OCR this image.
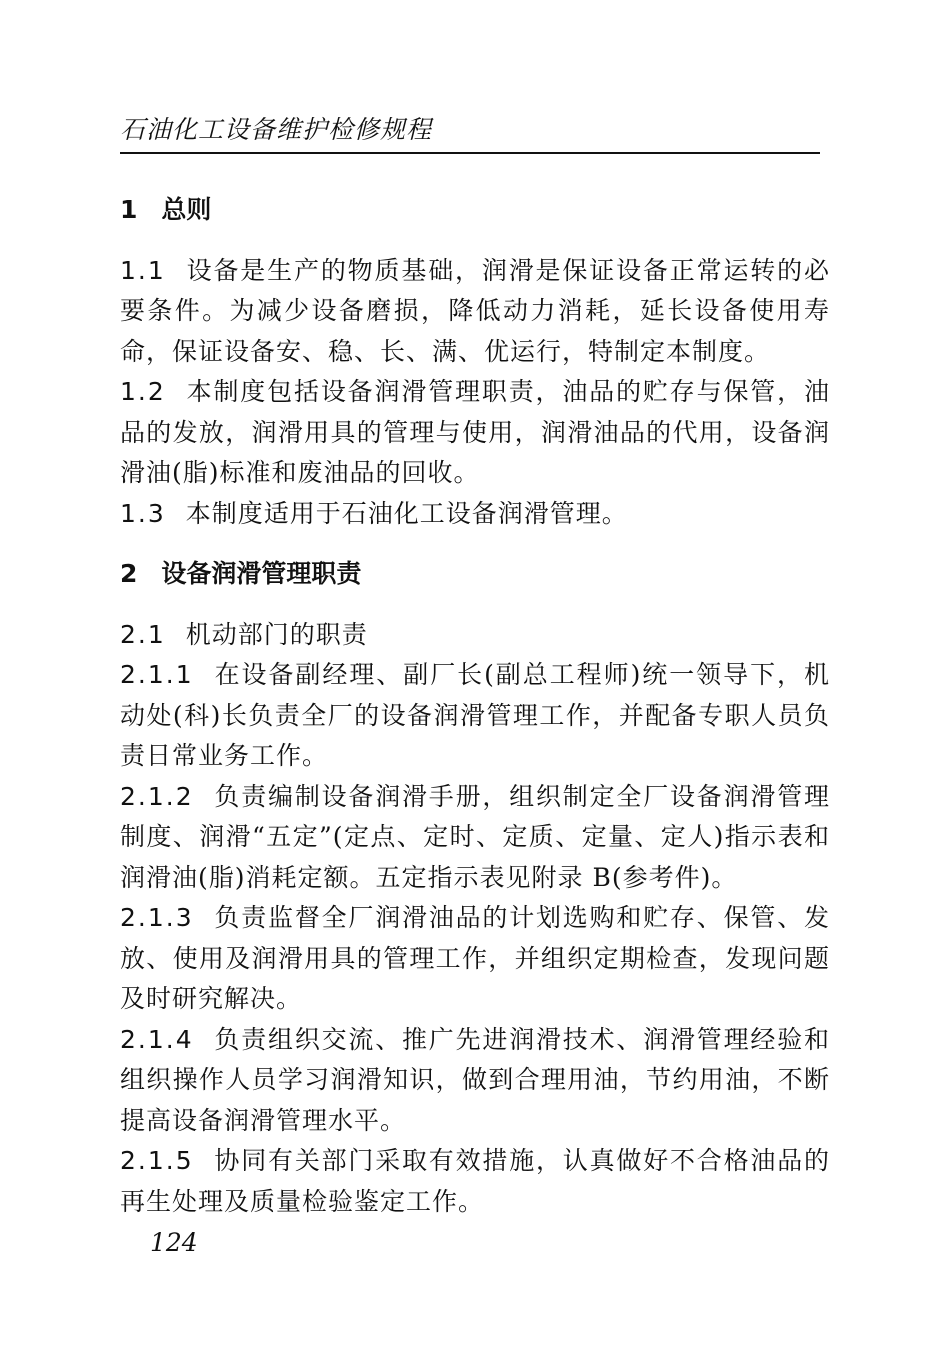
石油化工设备维护检修规程
1 总则

1.1 设备是生产的物质基础，润滑是保证设备正常运转的必要条件。为减少设备磨损，降低动力消耗，延长设备使用寿命，保证设备安、稳、长、满、优运行，特制定本制度。

1.2 本制度包括设备润滑管理职责，油品的贮存与保管，油品的发放，润滑用具的管理与使用，润滑油品的代用，设备润滑油(脂)标准和废油品的回收。

1.3 本制度适用于石油化工设备润滑管理。

2 设备润滑管理职责

2.1 机动部门的职责

2.1.1 在设备副经理、副厂长(副总工程师)统一领导下，机动处(科)长负责全厂的设备润滑管理工作，并配备专职人员负责日常业务工作。

2.1.2 负责编制设备润滑手册，组织制定全厂设备润滑管理制度、润滑“五定”(定点、定时、定质、定量、定人)指示表和润滑油(脂)消耗定额。五定指示表见附录 B(参考件)。

2.1.3 负责监督全厂润滑油品的计划选购和贮存、保管、发放、使用及润滑用具的管理工作，并组织定期检查，发现问题及时研究解决。

2.1.4 负责组织交流、推广先进润滑技术、润滑管理经验和组织操作人员学习润滑知识，做到合理用油，节约用油，不断提高设备润滑管理水平。

2.1.5 协同有关部门采取有效措施，认真做好不合格油品的再生处理及质量检验鉴定工作。

124
